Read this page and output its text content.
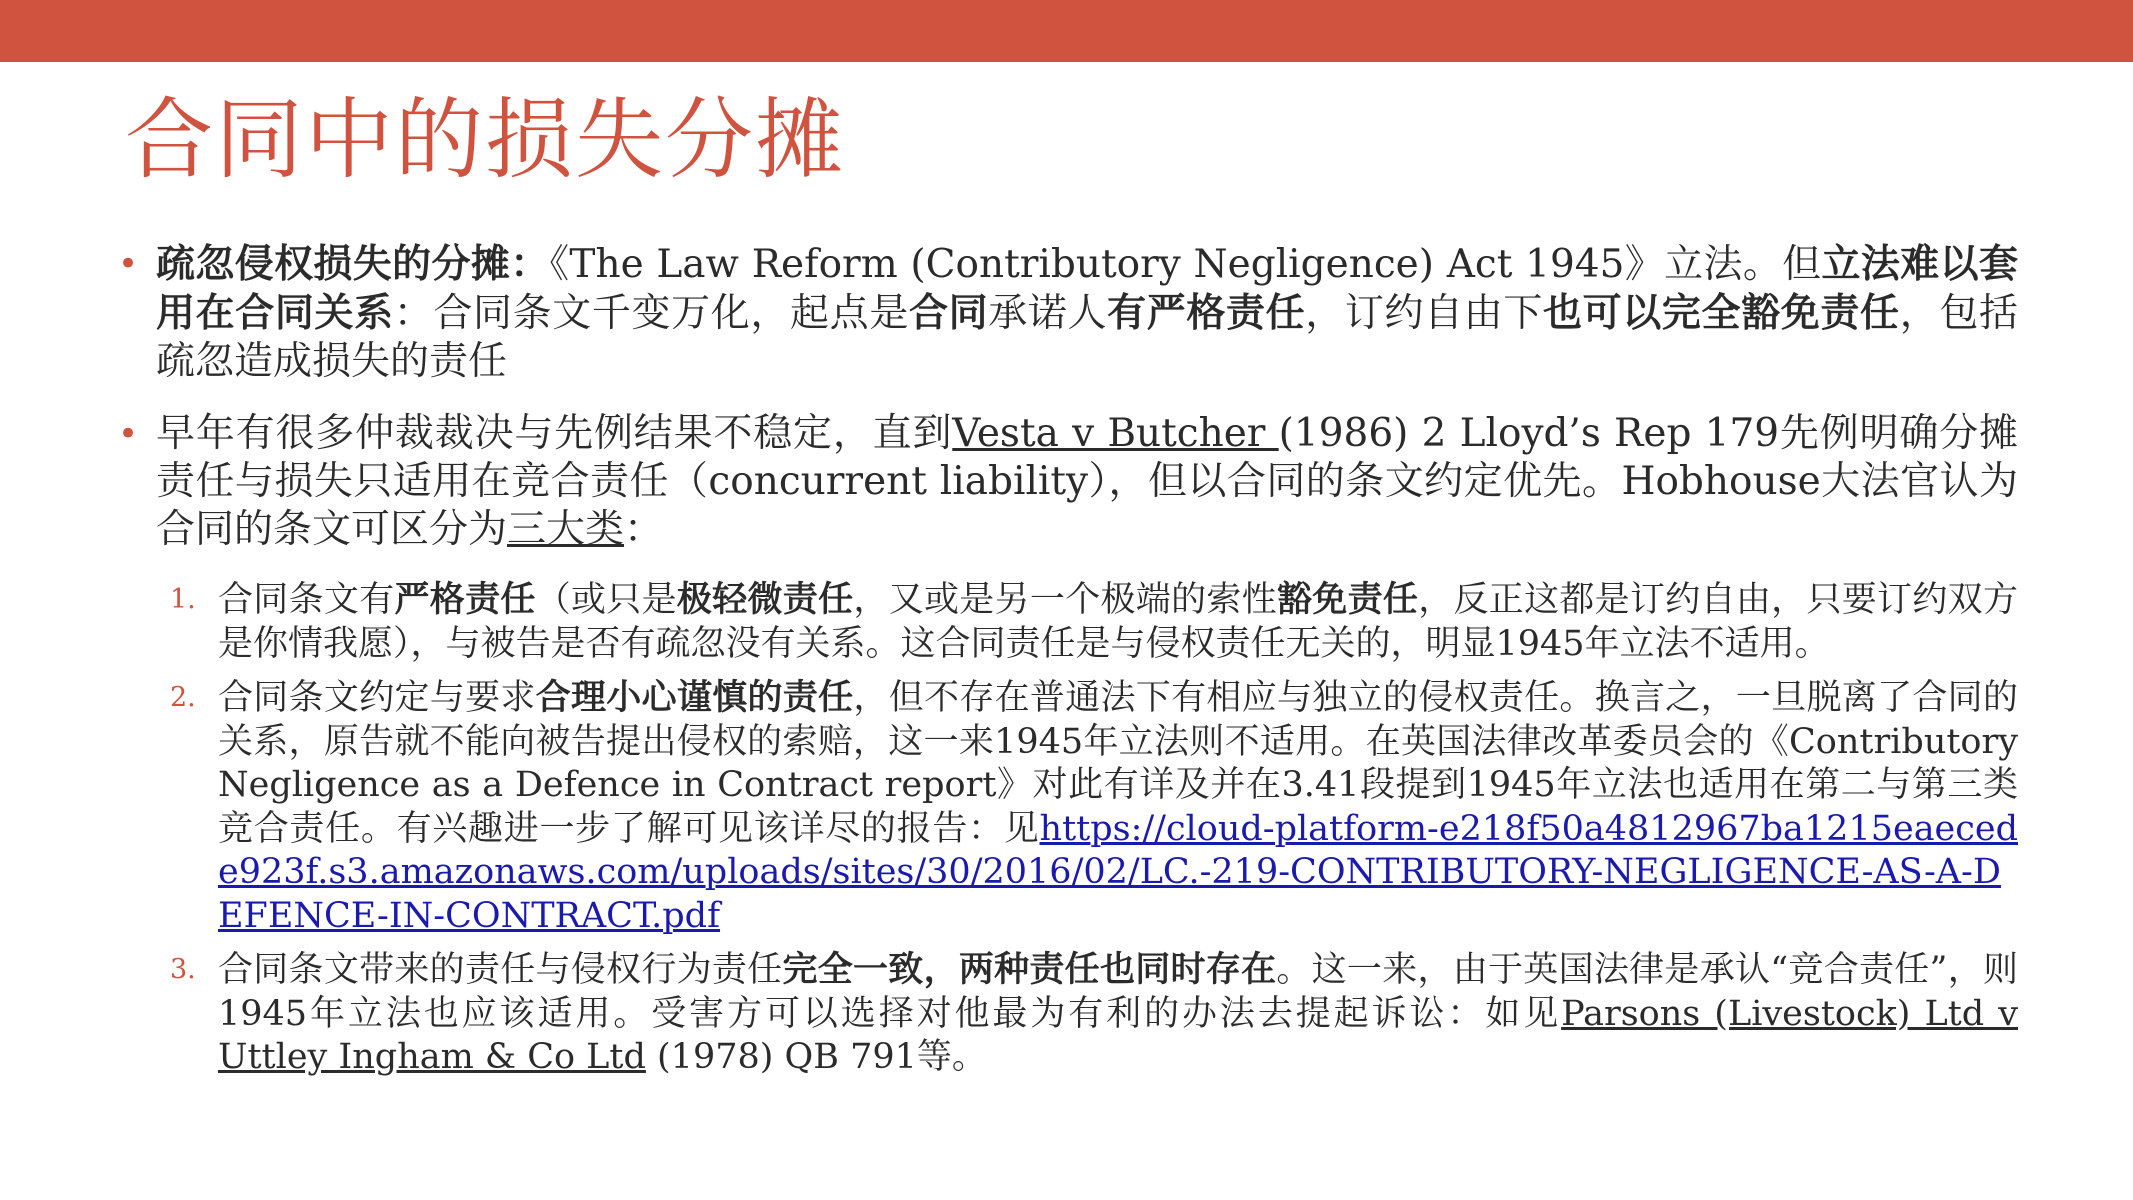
合同中的损失分摊
• 疏忽侵权损失的分摊：《The Law Reform (Contributory Negligence) Act 1945》立法。但立法难以套用在合同关系：合同条文千变万化，起点是合同承诺人有严格责任，订约自由下也可以完全豁免责任，包括疏忽造成损失的责任
• 早年有很多仲裁裁决与先例结果不稳定，直到Vesta v Butcher (1986) 2 Lloyd’s Rep 179先例明确分摊责任与损失只适用在竞合责任（concurrent liability），但以合同的条文约定优先。Hobhouse大法官认为合同的条文可区分为三大类：
1. 合同条文有严格责任（或只是极轻微责任，又或是另一个极端的索性豁免责任，反正这都是订约自由，只要订约双方是你情我愿），与被告是否有疏忽没有关系。这合同责任是与侵权责任无关的，明显1945年立法不适用。
2. 合同条文约定与要求合理小心谨慎的责任，但不存在普通法下有相应与独立的侵权责任。换言之，一旦脱离了合同的关系，原告就不能向被告提出侵权的索赔，这一来1945年立法则不适用。在英国法律改革委员会的《Contributory Negligence as a Defence in Contract report》对此有详及并在3.41段提到1945年立法也适用在第二与第三类竞合责任。有兴趣进一步了解可见该详尽的报告：见https://cloud-platform-e218f50a4812967ba1215eaecede923f.s3.amazonaws.com/uploads/sites/30/2016/02/LC.-219-CONTRIBUTORY-NEGLIGENCE-AS-A-DEFENCE-IN-CONTRACT.pdf
3. 合同条文带来的责任与侵权行为责任完全一致，两种责任也同时存在。这一来，由于英国法律是承认“竞合责任”，则1945年立法也应该适用。受害方可以选择对他最为有利的办法去提起诉讼：如见Parsons (Livestock) Ltd v Uttley Ingham & Co Ltd (1978) QB 791等。
